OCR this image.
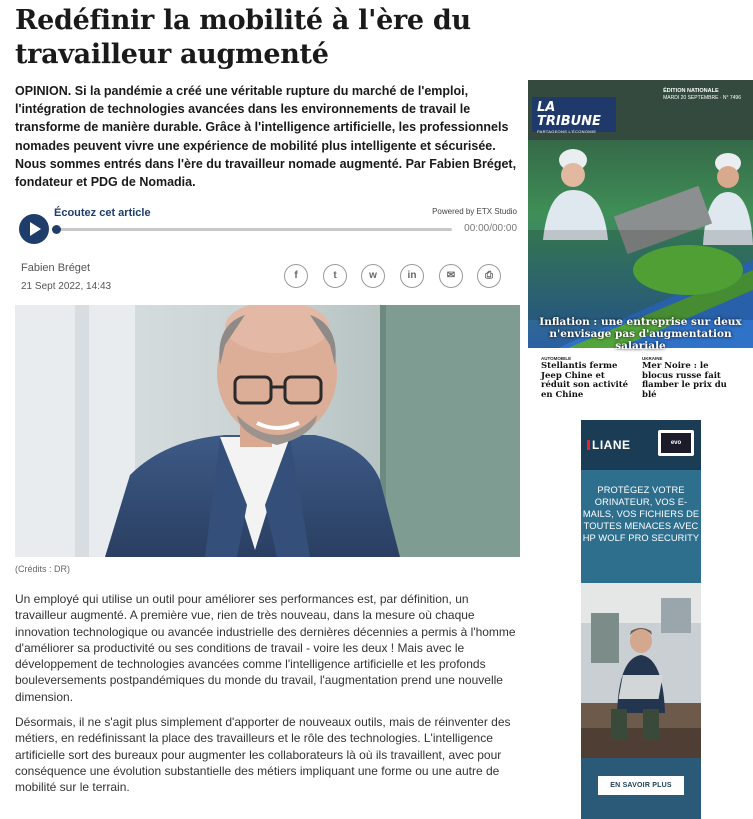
Redéfinir la mobilité à l'ère du travailleur augmenté

OPINION. Si la pandémie a créé une véritable rupture du marché de l'emploi, l'intégration de technologies avancées dans les environnements de travail le transforme de manière durable. Grâce à l'intelligence artificielle, les professionnels nomades peuvent vivre une expérience de mobilité plus intelligente et sécurisée. Nous sommes entrés dans l'ère du travailleur nomade augmenté. Par Fabien Bréget, fondateur et PDG de Nomadia.

Écoutez cet article	Powered by ETX Studio
00:00/00:00
Fabien Bréget
21 Sept 2022, 14:43
f	t	w	in	✉	⎙
(Crédits : DR)

Un employé qui utilise un outil pour améliorer ses performances est, par définition, un travailleur augmenté. A première vue, rien de très nouveau, dans la mesure où chaque innovation technologique ou avancée industrielle des dernières décennies a permis à l'homme d'améliorer sa productivité ou ses conditions de travail - voire les deux ! Mais avec le développement de technologies avancées comme l'intelligence artificielle et les profonds bouleversements postpandémiques du monde du travail, l'augmentation prend une nouvelle dimension.

Désormais, il ne s'agit plus simplement d'apporter de nouveaux outils, mais de réinventer des métiers, en redéfinissant la place des travailleurs et le rôle des technologies. L'intelligence artificielle sort des bureaux pour augmenter les collaborateurs là où ils travaillent, avec pour conséquence une évolution substantielle des métiers impliquant une forme ou une autre de mobilité sur le terrain.

LA TRIBUNE
PARTAGEONS L'ÉCONOMIE
ÉDITION NATIONALE
MARDI 20 SEPTEMBRE · N° 7496
Inflation : une entreprise sur deux n'envisage pas d'augmentation salariale
AUTOMOBILE
Stellantis ferme Jeep Chine et réduit son activité en Chine
UKRAINE
Mer Noire : le blocus russe fait flamber le prix du blé
LIANE	evo
PROTÉGEZ VOTRE ORINATEUR, VOS E-MAILS, VOS FICHIERS DE TOUTES MENACES AVEC HP WOLF PRO SECURITY
EN SAVOIR PLUS
